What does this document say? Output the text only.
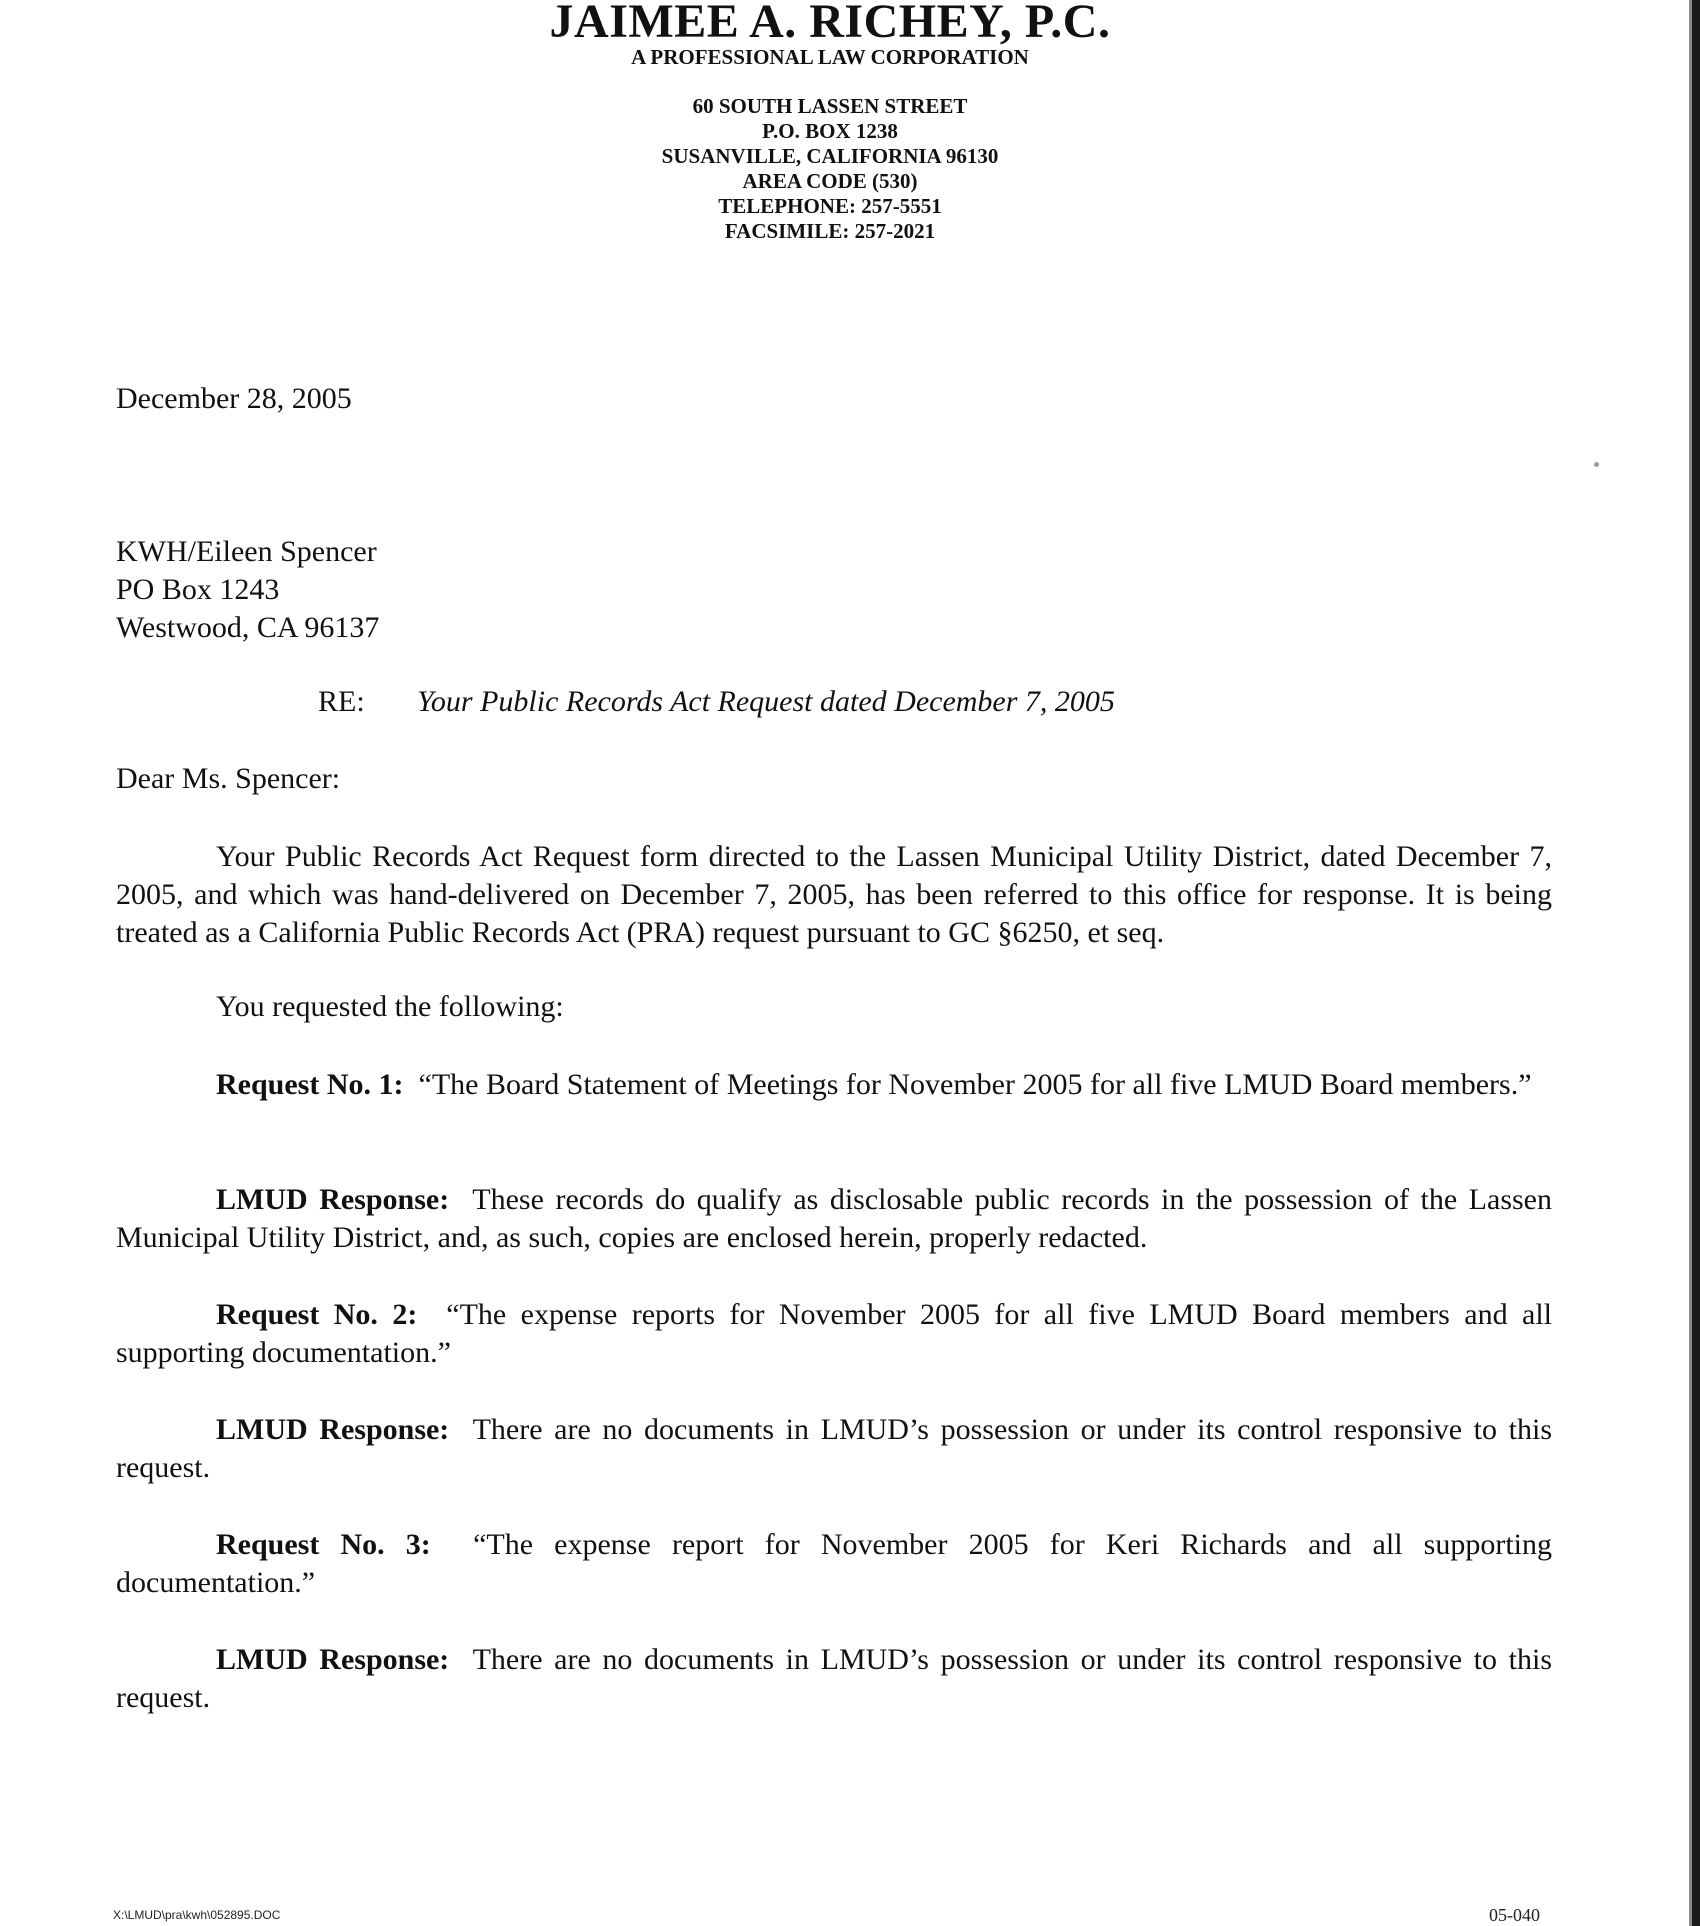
JAIMEE A. RICHEY, P.C.
A PROFESSIONAL LAW CORPORATION
60 SOUTH LASSEN STREET
P.O. BOX 1238
SUSANVILLE, CALIFORNIA 96130
AREA CODE (530)
TELEPHONE: 257-5551
FACSIMILE: 257-2021
December 28, 2005
KWH/Eileen Spencer
PO Box 1243
Westwood, CA 96137
RE: Your Public Records Act Request dated December 7, 2005
Dear Ms. Spencer:
Your Public Records Act Request form directed to the Lassen Municipal Utility District, dated December 7, 2005, and which was hand-delivered on December 7, 2005, has been referred to this office for response. It is being treated as a California Public Records Act (PRA) request pursuant to GC §6250, et seq.
You requested the following:
Request No. 1: “The Board Statement of Meetings for November 2005 for all five LMUD Board members.”
LMUD Response: These records do qualify as disclosable public records in the possession of the Lassen Municipal Utility District, and, as such, copies are enclosed herein, properly redacted.
Request No. 2: “The expense reports for November 2005 for all five LMUD Board members and all supporting documentation.”
LMUD Response: There are no documents in LMUD’s possession or under its control responsive to this request.
Request No. 3: “The expense report for November 2005 for Keri Richards and all supporting documentation.”
LMUD Response: There are no documents in LMUD’s possession or under its control responsive to this request.
X:\LMUD\pra\kwh\052895.DOC	05-040
